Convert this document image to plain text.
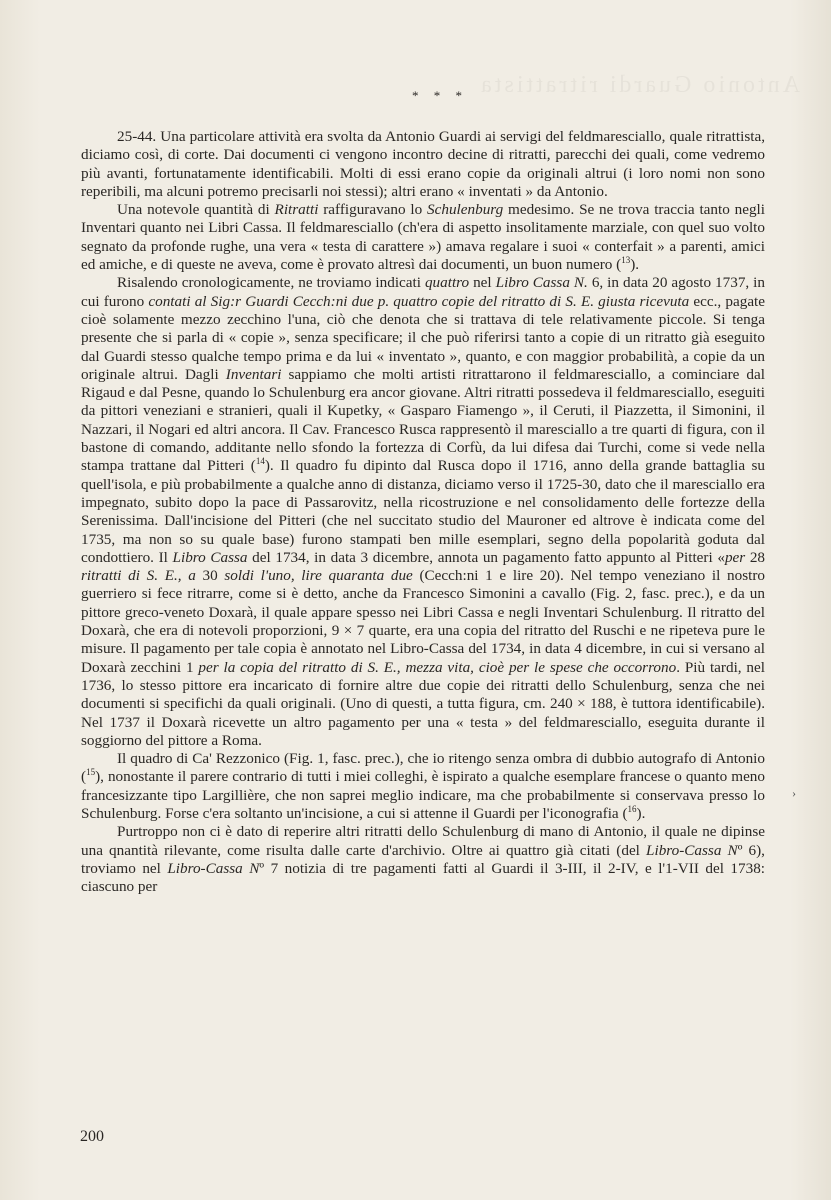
Antonio Guardi ritrattista
* * *

25-44. Una particolare attività era svolta da Antonio Guardi ai servigi del feldmaresciallo, quale ritrattista, diciamo così, di corte. Dai documenti ci vengono incontro decine di ritratti, parecchi dei quali, come vedremo più avanti, fortunatamente identificabili. Molti di essi erano copie da originali altrui (i loro nomi non sono reperibili, ma alcuni potremo precisarli noi stessi); altri erano « inventati » da Antonio.

Una notevole quantità di Ritratti raffiguravano lo Schulenburg medesimo. Se ne trova traccia tanto negli Inventari quanto nei Libri Cassa. Il feldmaresciallo (ch'era di aspetto insolitamente marziale, con quel suo volto segnato da profonde rughe, una vera « testa di carattere ») amava regalare i suoi « conterfait » a parenti, amici ed amiche, e di queste ne aveva, come è provato altresì dai documenti, un buon numero ($^{13}$).

Risalendo cronologicamente, ne troviamo indicati quattro nel Libro Cassa N. 6, in data 20 agosto 1737, in cui furono contati al Sig:r Guardi Cecch:ni due p. quattro copie del ritratto di S. E. giusta ricevuta ecc., pagate cioè solamente mezzo zecchino l'una, ciò che denota che si trattava di tele relativamente piccole. Si tenga presente che si parla di « copie », senza specificare; il che può riferirsi tanto a copie di un ritratto già eseguito dal Guardi stesso qualche tempo prima e da lui « inventato », quanto, e con maggior probabilità, a copie da un originale altrui. Dagli Inventari sappiamo che molti artisti ritrattarono il feldmaresciallo, a cominciare dal Rigaud e dal Pesne, quando lo Schulenburg era ancor giovane. Altri ritratti possedeva il feldmaresciallo, eseguiti da pittori veneziani e stranieri, quali il Kupetky, « Gasparo Fiamengo », il Ceruti, il Piazzetta, il Simonini, il Nazzari, il Nogari ed altri ancora. Il Cav. Francesco Rusca rappresentò il maresciallo a tre quarti di figura, con il bastone di comando, additante nello sfondo la fortezza di Corfù, da lui difesa dai Turchi, come si vede nella stampa trattane dal Pitteri ($^{14}$). Il quadro fu dipinto dal Rusca dopo il 1716, anno della grande battaglia su quell'isola, e più probabilmente a qualche anno di distanza, diciamo verso il 1725-30, dato che il maresciallo era impegnato, subito dopo la pace di Passarovitz, nella ricostruzione e nel consolidamento delle fortezze della Serenissima. Dall'incisione del Pitteri (che nel succitato studio del Mauroner ed altrove è indicata come del 1735, ma non so su quale base) furono stampati ben mille esemplari, segno della popolarità goduta dal condottiero. Il Libro Cassa del 1734, in data 3 dicembre, annota un pagamento fatto appunto al Pitteri «per 28 ritratti di S. E., a 30 soldi l'uno, lire quaranta due (Cecch:ni 1 e lire 20). Nel tempo veneziano il nostro guerriero si fece ritrarre, come si è detto, anche da Francesco Simonini a cavallo (Fig. 2, fasc. prec.), e da un pittore greco-veneto Doxarà, il quale appare spesso nei Libri Cassa e negli Inventari Schulenburg. Il ritratto del Doxarà, che era di notevoli proporzioni, 9 × 7 quarte, era una copia del ritratto del Ruschi e ne ripeteva pure le misure. Il pagamento per tale copia è annotato nel Libro-Cassa del 1734, in data 4 dicembre, in cui si versano al Doxarà zecchini 1 per la copia del ritratto di S. E., mezza vita, cioè per le spese che occorrono. Più tardi, nel 1736, lo stesso pittore era incaricato di fornire altre due copie dei ritratti dello Schulenburg, senza che nei documenti si specifichi da quali originali. (Uno di questi, a tutta figura, cm. 240 × 188, è tuttora identificabile). Nel 1737 il Doxarà ricevette un altro pagamento per una « testa » del feldmaresciallo, eseguita durante il soggiorno del pittore a Roma.

Il quadro di Ca' Rezzonico (Fig. 1, fasc. prec.), che io ritengo senza ombra di dubbio autografo di Antonio ($^{15}$), nonostante il parere contrario di tutti i miei colleghi, è ispirato a qualche esemplare francese o quanto meno francesizzante tipo Largillière, che non saprei meglio indicare, ma che probabilmente si conservava presso lo Schulenburg. Forse c'era soltanto un'incisione, a cui si attenne il Guardi per l'iconografia ($^{16}$).

Purtroppo non ci è dato di reperire altri ritratti dello Schulenburg di mano di Antonio, il quale ne dipinse una qnantità rilevante, come risulta dalle carte d'archivio. Oltre ai quattro già citati (del Libro-Cassa Nº 6), troviamo nel Libro-Cassa Nº 7 notizia di tre pagamenti fatti al Guardi il 3-III, il 2-IV, e l'1-VII del 1738: ciascuno per

›
200
